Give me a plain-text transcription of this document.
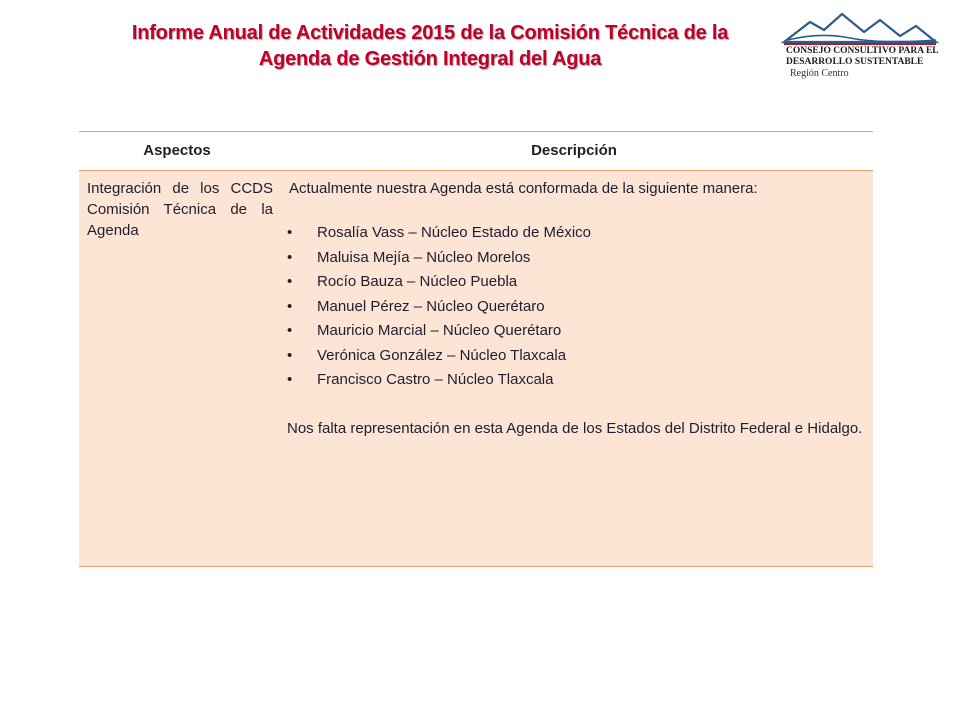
Informe Anual de Actividades 2015 de la Comisión Técnica de la
Agenda de Gestión Integral del Agua	CONSEJO CONSULTIVO PARA EL
DESARROLLO SUSTENTABLE
Región Centro
Aspectos	Descripción
Integración de los CCDS Comisión Técnica de la Agenda
Actualmente nuestra Agenda está conformada de la siguiente manera:
• Rosalía Vass – Núcleo Estado de México
• Maluisa Mejía – Núcleo Morelos
• Rocío Bauza – Núcleo Puebla
• Manuel Pérez – Núcleo Querétaro
• Mauricio Marcial – Núcleo Querétaro
• Verónica González – Núcleo Tlaxcala
• Francisco Castro – Núcleo Tlaxcala
Nos falta representación en esta Agenda de los Estados del Distrito Federal e Hidalgo.
